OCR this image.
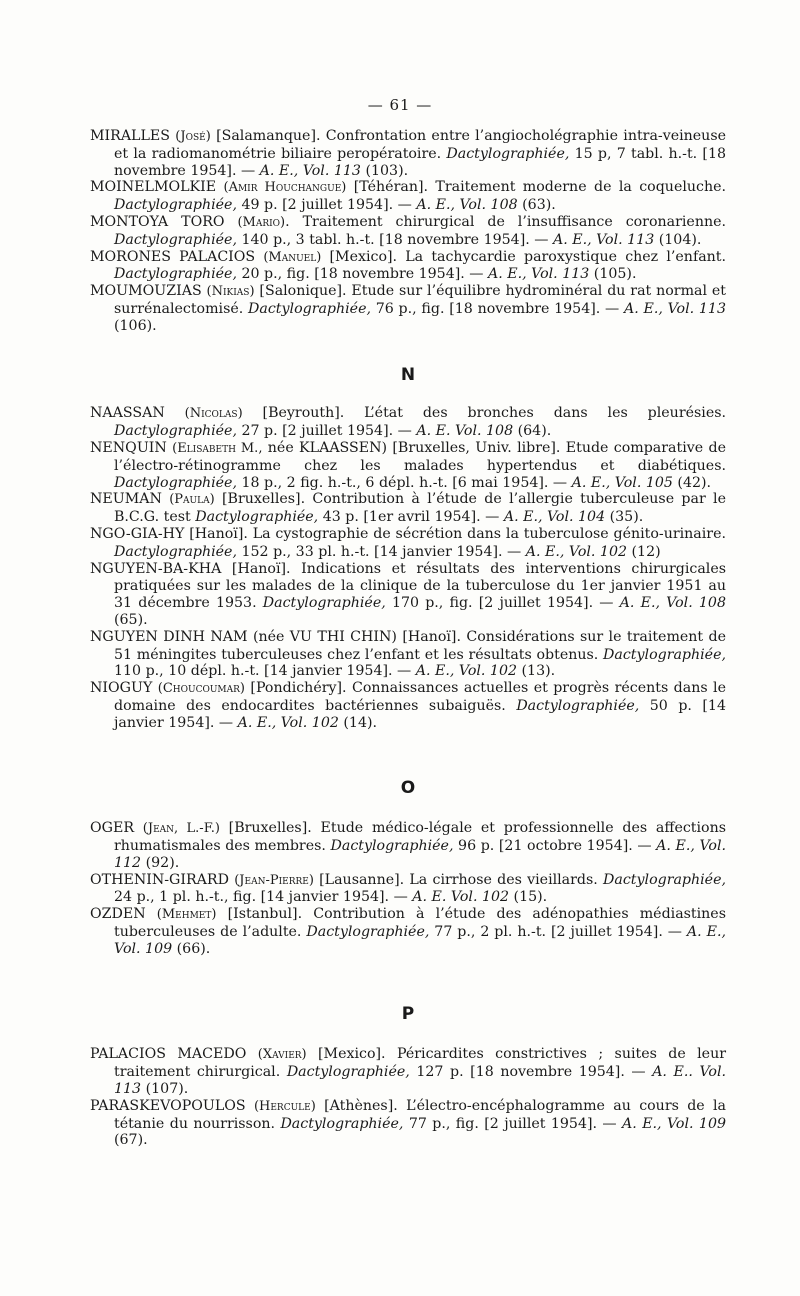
— 61 —

MIRALLES (José) [Salamanque]. Confrontation entre l’angiocholégraphie intra-veineuse et la radiomanométrie biliaire peropératoire. Dactylographiée, 15 p, 7 tabl. h.-t. [18 novembre 1954]. — A. E., Vol. 113 (103).

MOINELMOLKIE (Amir Houchangue) [Téhéran]. Traitement moderne de la coqueluche. Dactylographiée, 49 p. [2 juillet 1954]. — A. E., Vol. 108 (63).

MONTOYA TORO (Mario). Traitement chirurgical de l’insuffisance coronarienne. Dactylographiée, 140 p., 3 tabl. h.-t. [18 novembre 1954]. — A. E., Vol. 113 (104).

MORONES PALACIOS (Manuel) [Mexico]. La tachycardie paroxystique chez l’enfant. Dactylographiée, 20 p., fig. [18 novembre 1954]. — A. E., Vol. 113 (105).

MOUMOUZIAS (Nikias) [Salonique]. Etude sur l’équilibre hydrominéral du rat normal et surrénalectomisé. Dactylographiée, 76 p., fig. [18 novembre 1954]. — A. E., Vol. 113 (106).

N

NAASSAN (Nicolas) [Beyrouth]. L’état des bronches dans les pleurésies. Dactylographiée, 27 p. [2 juillet 1954]. — A. E. Vol. 108 (64).

NENQUIN (Elisabeth M., née KLAASSEN) [Bruxelles, Univ. libre]. Etude comparative de l’électro-rétinogramme chez les malades hypertendus et diabétiques. Dactylographiée, 18 p., 2 fig. h.-t., 6 dépl. h.-t. [6 mai 1954]. — A. E., Vol. 105 (42).

NEUMAN (Paula) [Bruxelles]. Contribution à l’étude de l’allergie tuberculeuse par le B.C.G. test Dactylographiée, 43 p. [1er avril 1954]. — A. E., Vol. 104 (35).

NGO-GIA-HY [Hanoï]. La cystographie de sécrétion dans la tuberculose génito-urinaire. Dactylographiée, 152 p., 33 pl. h.-t. [14 janvier 1954]. — A. E., Vol. 102 (12)

NGUYEN-BA-KHA [Hanoï]. Indications et résultats des interventions chirurgicales pratiquées sur les malades de la clinique de la tuberculose du 1er janvier 1951 au 31 décembre 1953. Dactylographiée, 170 p., fig. [2 juillet 1954]. — A. E., Vol. 108 (65).

NGUYEN DINH NAM (née VU THI CHIN) [Hanoï]. Considérations sur le traitement de 51 méningites tuberculeuses chez l’enfant et les résultats obtenus. Dactylographiée, 110 p., 10 dépl. h.-t. [14 janvier 1954]. — A. E., Vol. 102 (13).

NIOGUY (Choucoumar) [Pondichéry]. Connaissances actuelles et progrès récents dans le domaine des endocardites bactériennes subaiguës. Dactylographiée, 50 p. [14 janvier 1954]. — A. E., Vol. 102 (14).

O

OGER (Jean, L.-F.) [Bruxelles]. Etude médico-légale et professionnelle des affections rhumatismales des membres. Dactylographiée, 96 p. [21 octobre 1954]. — A. E., Vol. 112 (92).

OTHENIN-GIRARD (Jean-Pierre) [Lausanne]. La cirrhose des vieillards. Dactylographiée, 24 p., 1 pl. h.-t., fig. [14 janvier 1954]. — A. E. Vol. 102 (15).

OZDEN (Mehmet) [Istanbul]. Contribution à l’étude des adénopathies médiastines tuberculeuses de l’adulte. Dactylographiée, 77 p., 2 pl. h.-t. [2 juillet 1954]. — A. E., Vol. 109 (66).

P

PALACIOS MACEDO (Xavier) [Mexico]. Péricardites constrictives ; suites de leur traitement chirurgical. Dactylographiée, 127 p. [18 novembre 1954]. — A. E.. Vol. 113 (107).

PARASKEVOPOULOS (Hercule) [Athènes]. L’électro-encéphalogramme au cours de la tétanie du nourrisson. Dactylographiée, 77 p., fig. [2 juillet 1954]. — A. E., Vol. 109 (67).
